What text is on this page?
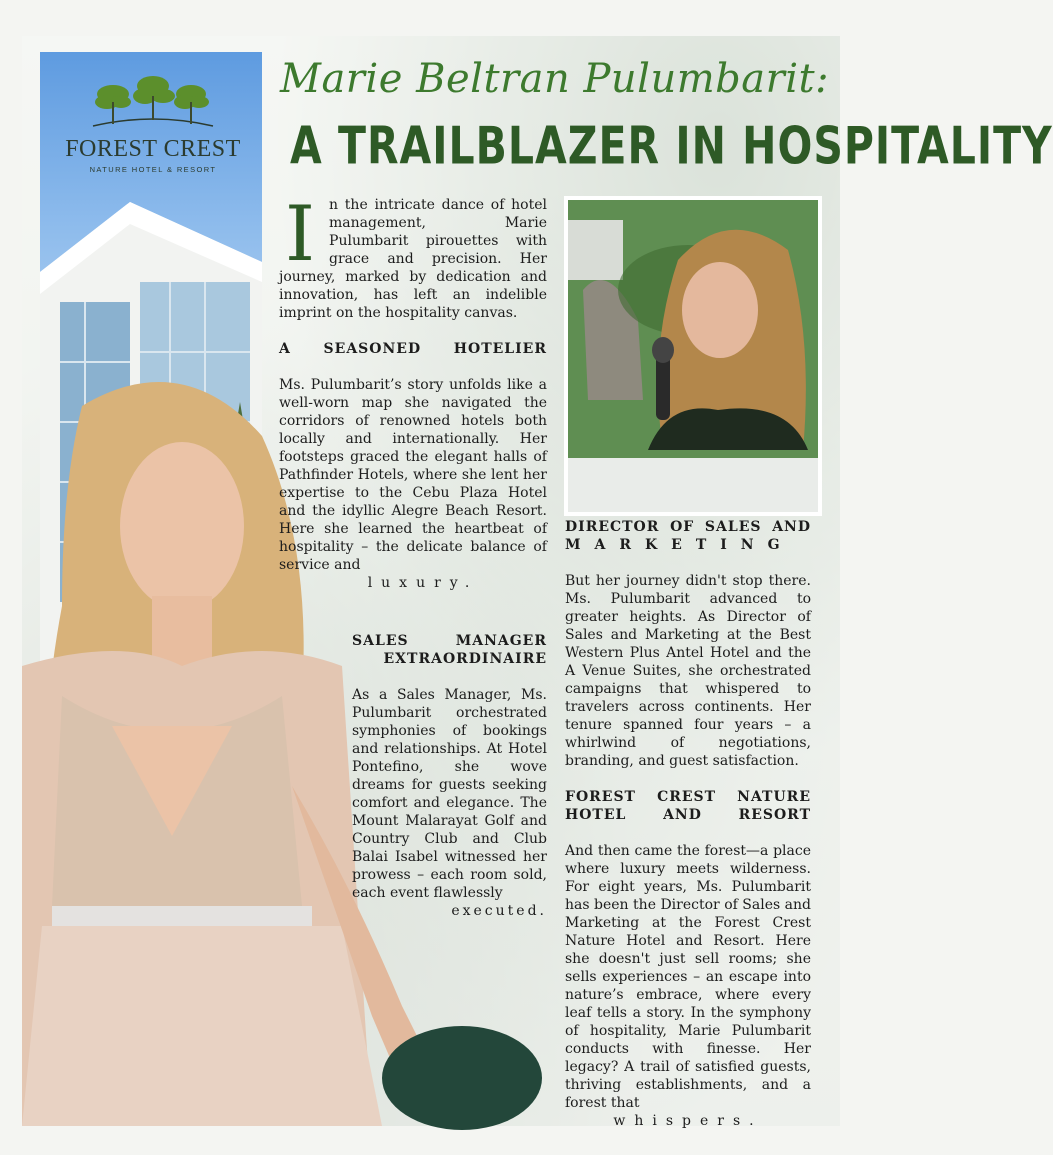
FOREST CREST
NATURE HOTEL & RESORT
Marie Beltran Pulumbarit:
A TRAILBLAZER IN HOSPITALITY
I	n the intricate dance of hotel management, Marie Pulumbarit pirouettes with grace and precision. Her journey, marked by dedication and innovation, has left an indelible imprint on the hospitality canvas.

A SEASONED HOTELIER

Ms. Pulumbarit’s story unfolds like a well-worn map she navigated the corridors of renowned hotels both locally and internationally. Her footsteps graced the elegant halls of Pathfinder Hotels, where she lent her expertise to the Cebu Plaza Hotel and the idyllic Alegre Beach Resort. Here she learned the heartbeat of hospitality – the delicate balance of service and

luxury.

SALES MANAGER

EXTRAORDINAIRE

As a Sales Manager, Ms. Pulumbarit orchestrated symphonies of bookings and relationships. At Hotel Pontefino, she wove dreams for guests seeking comfort and elegance. The Mount Malarayat Golf and Country Club and Club Balai Isabel witnessed her prowess – each room sold, each event flawlessly

executed.

DIRECTOR OF SALES AND

MARKETING

But her journey didn't stop there. Ms. Pulumbarit advanced to greater heights. As Director of Sales and Marketing at the Best Western Plus Antel Hotel and the A Venue Suites, she orchestrated campaigns that whispered to travelers across continents. Her tenure spanned four years – a whirlwind of negotiations, branding, and guest satisfaction.

FOREST CREST NATURE HOTEL AND RESORT

And then came the forest—a place where luxury meets wilderness. For eight years, Ms. Pulumbarit has been the Director of Sales and Marketing at the Forest Crest Nature Hotel and Resort. Here she doesn't just sell rooms; she sells experiences – an escape into nature’s embrace, where every leaf tells a story. In the symphony of hospitality, Marie Pulumbarit conducts with finesse. Her legacy? A trail of satisfied guests, thriving establishments, and a forest that

whispers.
